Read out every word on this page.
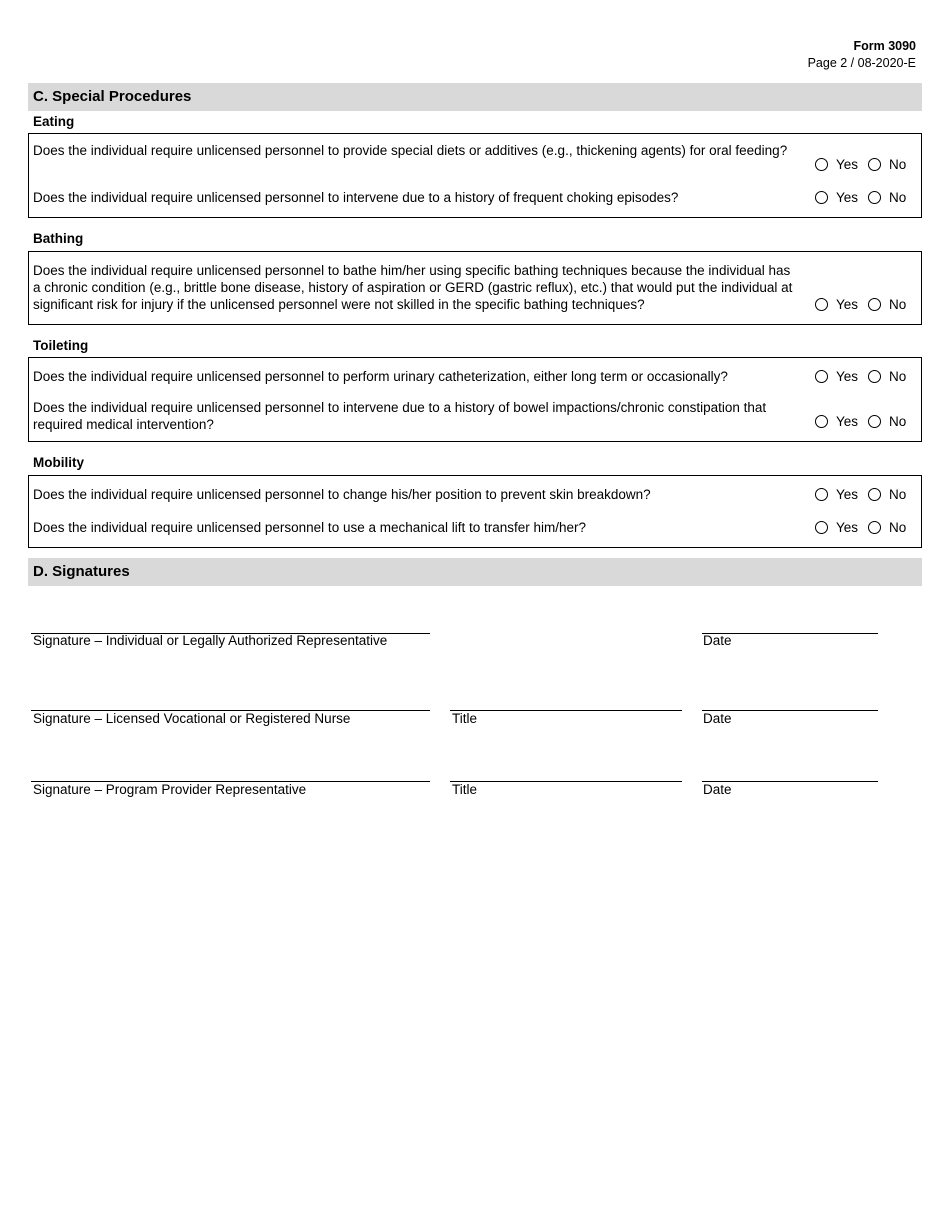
Form 3090
Page 2 / 08-2020-E
C. Special Procedures
Eating
Does the individual require unlicensed personnel to provide special diets or additives (e.g., thickening agents) for oral feeding?
Yes No
Does the individual require unlicensed personnel to intervene due to a history of frequent choking episodes?	Yes No
Bathing
Does the individual require unlicensed personnel to bathe him/her using specific bathing techniques because the individual has a chronic condition (e.g., brittle bone disease, history of aspiration or GERD (gastric reflux), etc.) that would put the individual at significant risk for injury if the unlicensed personnel were not skilled in the specific bathing techniques?	Yes No
Toileting
Does the individual require unlicensed personnel to perform urinary catheterization, either long term or occasionally?	Yes No
Does the individual require unlicensed personnel to intervene due to a history of bowel impactions/chronic constipation that required medical intervention?	Yes No
Mobility
Does the individual require unlicensed personnel to change his/her position to prevent skin breakdown?	Yes No
Does the individual require unlicensed personnel to use a mechanical lift to transfer him/her?	Yes No
D. Signatures
Signature – Individual or Legally Authorized Representative	Date
Signature – Licensed Vocational or Registered Nurse	Title	Date
Signature – Program Provider Representative	Title	Date
